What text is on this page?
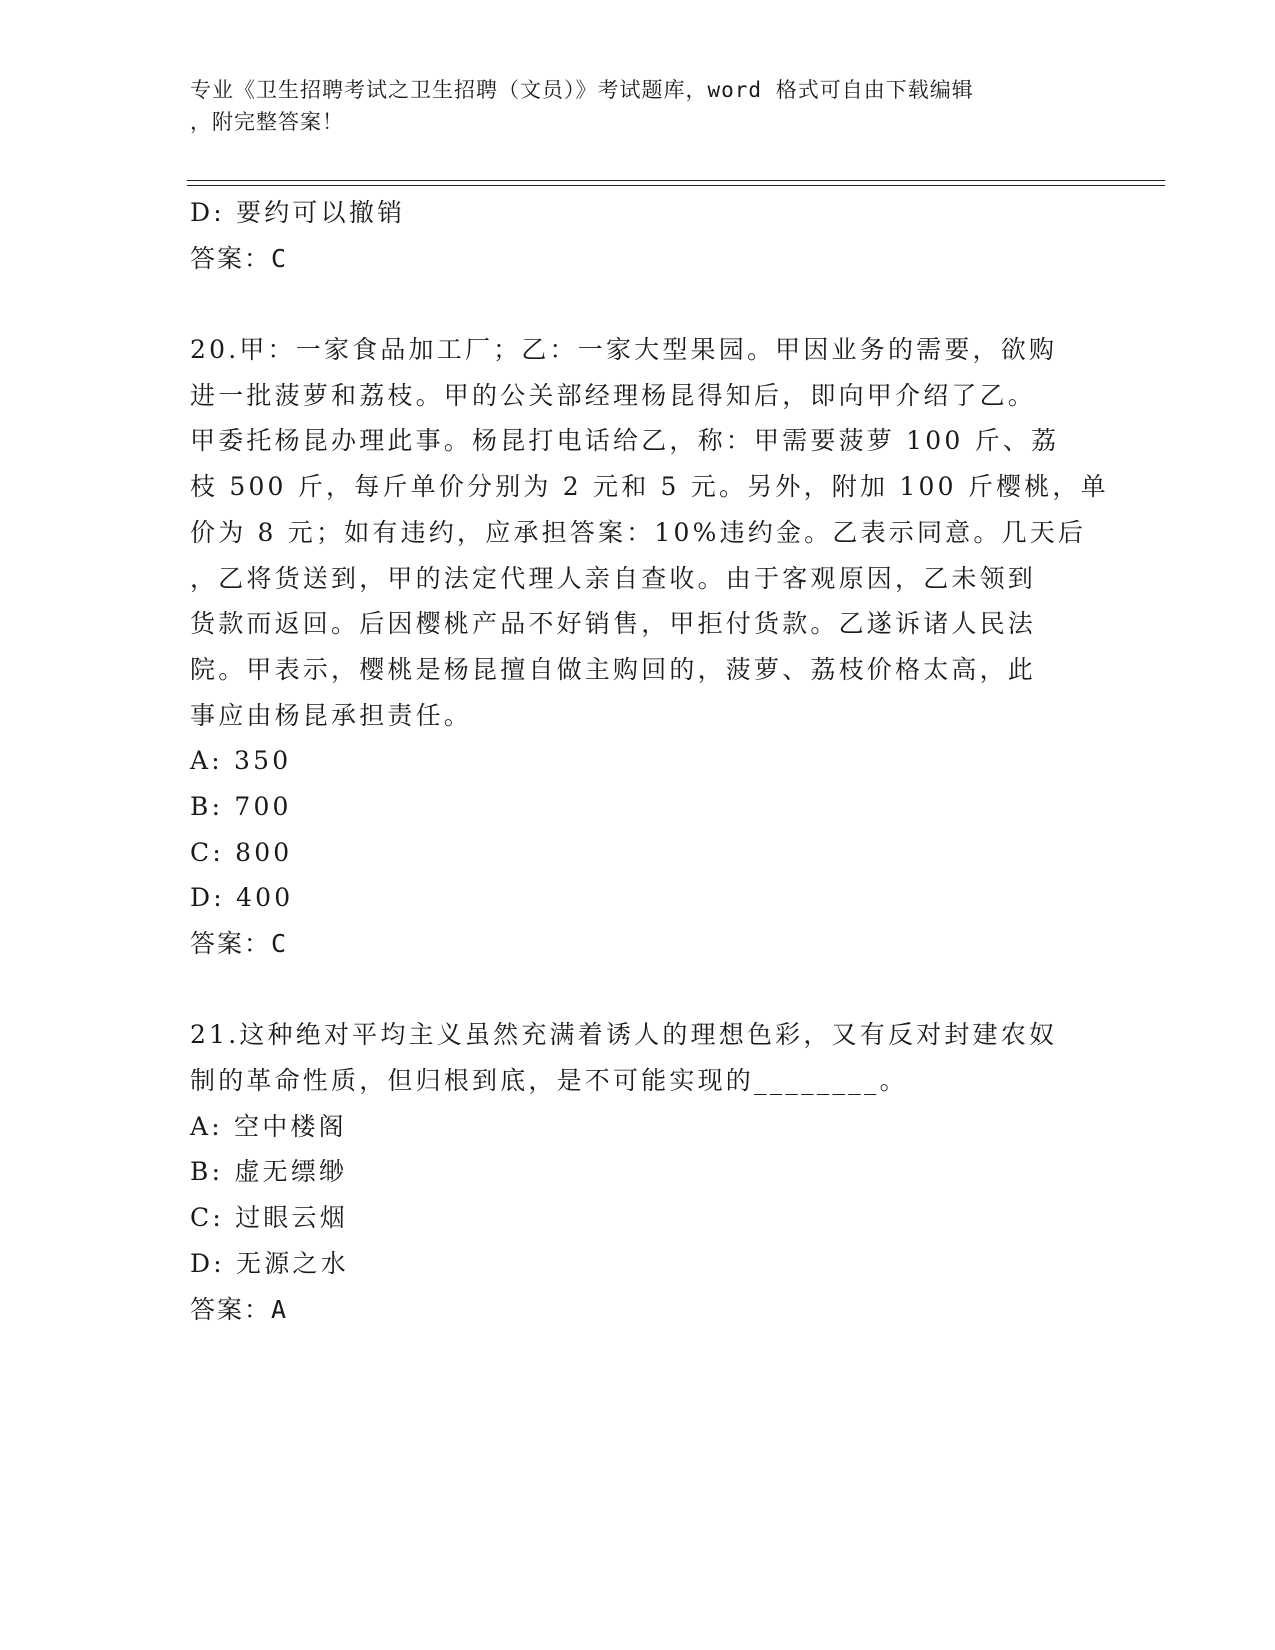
专业《卫生招聘考试之卫生招聘（文员）》考试题库，word 格式可自由下载编辑
，附完整答案！
D: 要约可以撤销
答案：C
20.甲：一家食品加工厂；乙：一家大型果园。甲因业务的需要，欲购
进一批菠萝和荔枝。甲的公关部经理杨昆得知后，即向甲介绍了乙。
甲委托杨昆办理此事。杨昆打电话给乙，称：甲需要菠萝 100 斤、荔
枝 500 斤，每斤单价分别为 2 元和 5 元。另外，附加 100 斤樱桃，单
价为 8 元；如有违约，应承担答案：10%违约金。乙表示同意。几天后
，乙将货送到，甲的法定代理人亲自查收。由于客观原因，乙未领到
货款而返回。后因樱桃产品不好销售，甲拒付货款。乙遂诉诸人民法
院。甲表示，樱桃是杨昆擅自做主购回的，菠萝、荔枝价格太高，此
事应由杨昆承担责任。
A: 350
B: 700
C: 800
D: 400
答案：C
21.这种绝对平均主义虽然充满着诱人的理想色彩，又有反对封建农奴
制的革命性质，但归根到底，是不可能实现的________。
A: 空中楼阁
B: 虚无缥缈
C: 过眼云烟
D: 无源之水
答案：A
